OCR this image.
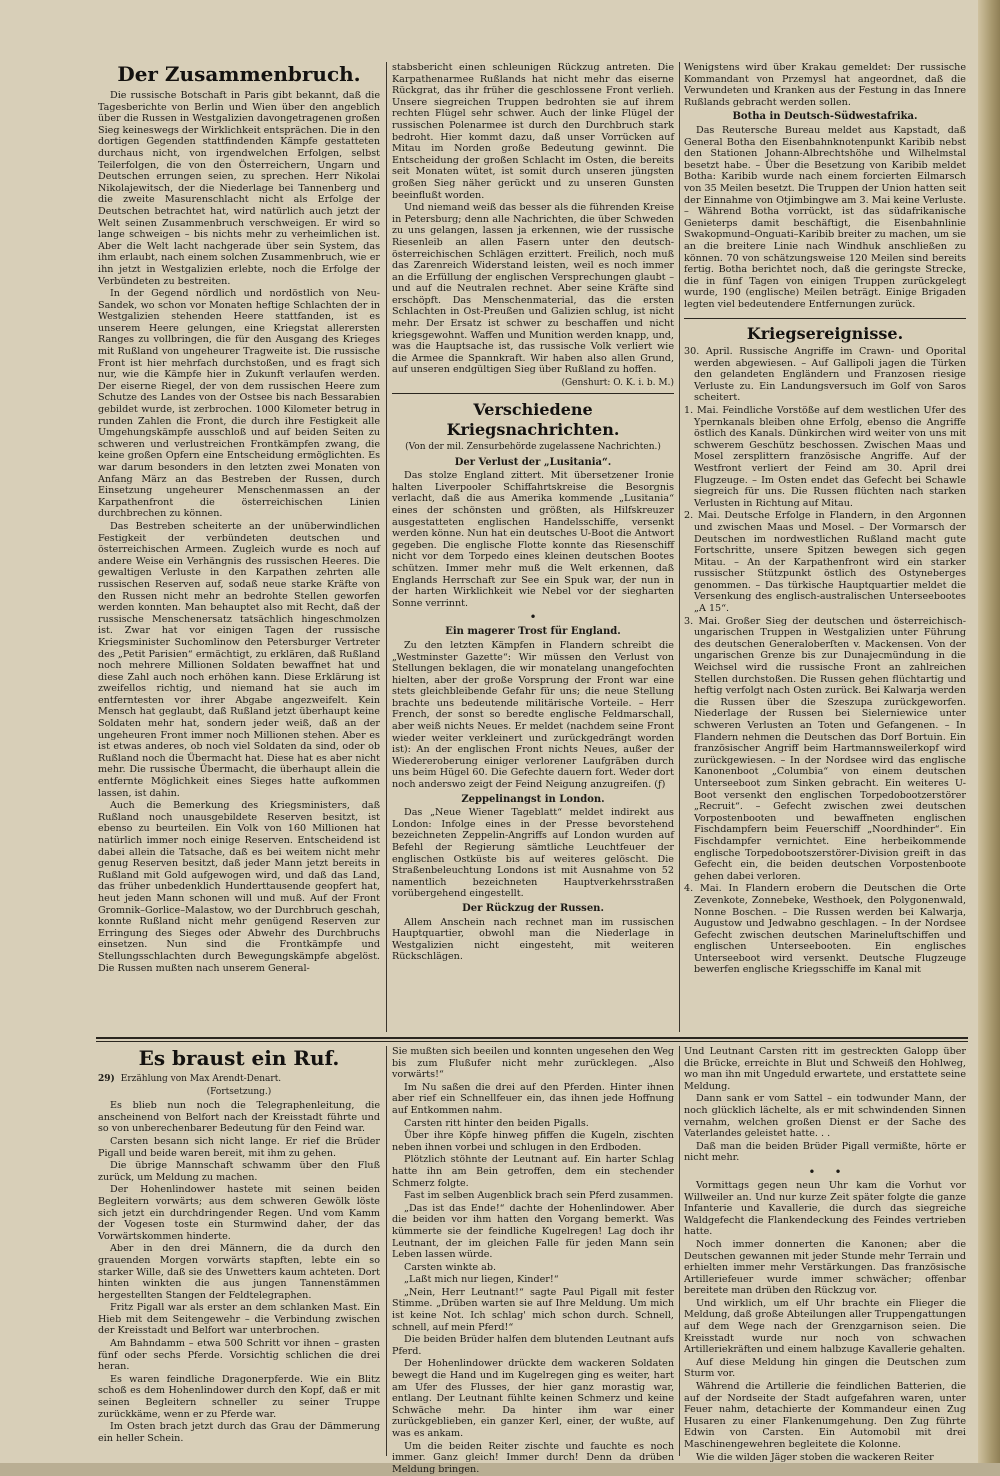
Der Zusammenbruch.

Die russische Botschaft in Paris gibt bekannt, daß die Tagesberichte von Berlin und Wien über den angeblich über die Russen in Westgalizien davongetragenen großen Sieg keineswegs der Wirklichkeit entsprächen. Die in den dortigen Gegenden stattfindenden Kämpfe gestatteten durchaus nicht, von irgendwelchen Erfolgen, selbst Teilerfolgen, die von den Österreichern, Ungarn und Deutschen errungen seien, zu sprechen. Herr Nikolai Nikolajewitsch, der die Niederlage bei Tannenberg und die zweite Masurenschlacht nicht als Erfolge der Deutschen betrachtet hat, wird natürlich auch jetzt der Welt seinen Zusammenbruch verschweigen. Er wird so lange schweigen – bis nichts mehr zu verheimlichen ist. Aber die Welt lacht nachgerade über sein System, das ihm erlaubt, nach einem solchen Zusammenbruch, wie er ihn jetzt in Westgalizien erlebte, noch die Erfolge der Verbündeten zu bestreiten.

In der Gegend nördlich und nordöstlich von Neu-Sandek, wo schon vor Monaten heftige Schlachten der in Westgalizien stehenden Heere stattfanden, ist es unserem Heere gelungen, eine Kriegstat allerersten Ranges zu vollbringen, die für den Ausgang des Krieges mit Rußland von ungeheurer Tragweite ist. Die russische Front ist hier mehrfach durchstoßen, und es fragt sich nur, wie die Kämpfe hier in Zukunft verlaufen werden. Der eiserne Riegel, der von dem russischen Heere zum Schutze des Landes von der Ostsee bis nach Bessarabien gebildet wurde, ist zerbrochen. 1000 Kilometer betrug in runden Zahlen die Front, die durch ihre Festigkeit alle Umgehungskämpfe ausschloß und auf beiden Seiten zu schweren und verlustreichen Frontkämpfen zwang, die keine großen Opfern eine Entscheidung ermöglichten. Es war darum besonders in den letzten zwei Monaten von Anfang März an das Bestreben der Russen, durch Einsetzung ungeheurer Menschenmassen an der Karpathenfront die österreichischen Linien durchbrechen zu können.

Das Bestreben scheiterte an der unüberwindlichen Festigkeit der verbündeten deutschen und österreichischen Armeen. Zugleich wurde es noch auf andere Weise ein Verhängnis des russischen Heeres. Die gewaltigen Verluste in den Karpathen zehrten alle russischen Reserven auf, sodaß neue starke Kräfte von den Russen nicht mehr an bedrohte Stellen geworfen werden konnten. Man behauptet also mit Recht, daß der russische Menschenersatz tatsächlich hingeschmolzen ist. Zwar hat vor einigen Tagen der russische Kriegsminister Suchomlinow den Petersburger Vertreter des „Petit Parisien“ ermächtigt, zu erklären, daß Rußland noch mehrere Millionen Soldaten bewaffnet hat und diese Zahl auch noch erhöhen kann. Diese Erklärung ist zweifellos richtig, und niemand hat sie auch im entferntesten vor ihrer Abgabe angezweifelt. Kein Mensch hat geglaubt, daß Rußland jetzt überhaupt keine Soldaten mehr hat, sondern jeder weiß, daß an der ungeheuren Front immer noch Millionen stehen. Aber es ist etwas anderes, ob noch viel Soldaten da sind, oder ob Rußland noch die Übermacht hat. Diese hat es aber nicht mehr. Die russische Übermacht, die überhaupt allein die entfernte Möglichkeit eines Sieges hatte aufkommen lassen, ist dahin.

Auch die Bemerkung des Kriegsministers, daß Rußland noch unausgebildete Reserven besitzt, ist ebenso zu beurteilen. Ein Volk von 160 Millionen hat natürlich immer noch einige Reserven. Entscheidend ist dabei allein die Tatsache, daß es bei weitem nicht mehr genug Reserven besitzt, daß jeder Mann jetzt bereits in Rußland mit Gold aufgewogen wird, und daß das Land, das früher unbedenklich Hunderttausende geopfert hat, heut jeden Mann schonen will und muß. Auf der Front Gromnik–Gorlice–Malastow, wo der Durchbruch geschah, konnte Rußland nicht mehr genügend Reserven zur Erringung des Sieges oder Abwehr des Durchbruchs einsetzen. Nun sind die Frontkämpfe und Stellungsschlachten durch Bewegungskämpfe abgelöst. Die Russen mußten nach unserem General-

stabsbericht einen schleunigen Rückzug antreten. Die Karpathenarmee Rußlands hat nicht mehr das eiserne Rückgrat, das ihr früher die geschlossene Front verlieh. Unsere siegreichen Truppen bedrohten sie auf ihrem rechten Flügel sehr schwer. Auch der linke Flügel der russischen Polenarmee ist durch den Durchbruch stark bedroht. Hier kommt dazu, daß unser Vorrücken auf Mitau im Norden große Bedeutung gewinnt. Die Entscheidung der großen Schlacht im Osten, die bereits seit Monaten wütet, ist somit durch unseren jüngsten großen Sieg näher gerückt und zu unseren Gunsten beeinflußt worden.

Und niemand weiß das besser als die führenden Kreise in Petersburg; denn alle Nachrichten, die über Schweden zu uns gelangen, lassen ja erkennen, wie der russische Riesenleib an allen Fasern unter den deutsch-österreichischen Schlägen erzittert. Freilich, noch muß das Zarenreich Widerstand leisten, weil es noch immer an die Erfüllung der englischen Versprechungen glaubt – und auf die Neutralen rechnet. Aber seine Kräfte sind erschöpft. Das Menschenmaterial, das die ersten Schlachten in Ost-Preußen und Galizien schlug, ist nicht mehr. Der Ersatz ist schwer zu beschaffen und nicht kriegsgewohnt. Waffen und Munition werden knapp, und, was die Hauptsache ist, das russische Volk verliert wie die Armee die Spannkraft. Wir haben also allen Grund, auf unseren endgültigen Sieg über Rußland zu hoffen.

(Genshurt: O. K. i. b. M.)
Verschiedene Kriegsnachrichten.
(Von der mil. Zensurbehörde zugelassene Nachrichten.)
Der Verlust der „Lusitania“.

Das stolze England zittert. Mit übersetzener Ironie halten Liverpooler Schiffahrtskreise die Besorgnis verlacht, daß die aus Amerika kommende „Lusitania“ eines der schönsten und größten, als Hilfskreuzer ausgestatteten englischen Handelsschiffe, versenkt werden könne. Nun hat ein deutsches U-Boot die Antwort gegeben. Die englische Flotte konnte das Riesenschiff nicht vor dem Torpedo eines kleinen deutschen Bootes schützen. Immer mehr muß die Welt erkennen, daß Englands Herrschaft zur See ein Spuk war, der nun in der harten Wirklichkeit wie Nebel vor der siegharten Sonne verrinnt.

•
Ein magerer Trost für England.

Zu den letzten Kämpfen in Flandern schreibt die „Westminster Gazette“: Wir müssen den Verlust von Stellungen beklagen, die wir monatelang unangefochten hielten, aber der große Vorsprung der Front war eine stets gleichbleibende Gefahr für uns; die neue Stellung brachte uns bedeutende militärische Vorteile. – Herr French, der sonst so beredte englische Feldmarschall, aber weiß nichts Neues. Er meldet (nachdem seine Front wieder weiter verkleinert und zurückgedrängt worden ist): An der englischen Front nichts Neues, außer der Wiedereroberung einiger verlorener Laufgräben durch uns beim Hügel 60. Die Gefechte dauern fort. Weder dort noch anderswo zeigt der Feind Neigung anzugreifen. (ƒ)

Zeppelinangst in London.

Das „Neue Wiener Tageblatt“ meldet indirekt aus London: Infolge eines in der Presse bevorstehend bezeichneten Zeppelin-Angriffs auf London wurden auf Befehl der Regierung sämtliche Leuchtfeuer der englischen Ostküste bis auf weiteres gelöscht. Die Straßenbeleuchtung Londons ist mit Ausnahme von 52 namentlich bezeichneten Hauptverkehrsstraßen vorübergehend eingestellt.

Der Rückzug der Russen.

Allem Anschein nach rechnet man im russischen Hauptquartier, obwohl man die Niederlage in Westgalizien nicht eingesteht, mit weiteren Rückschlägen.

Wenigstens wird über Krakau gemeldet: Der russische Kommandant von Przemysl hat angeordnet, daß die Verwundeten und Kranken aus der Festung in das Innere Rußlands gebracht werden sollen.

Botha in Deutsch-Südwestafrika.

Das Reutersche Bureau meldet aus Kapstadt, daß General Botha den Eisenbahnknotenpunkt Karibib nebst den Stationen Johann-Albrechtshöhe und Wilhelmstal besetzt habe. – Über die Besetzung von Karibib meldet Botha: Karibib wurde nach einem forcierten Eilmarsch von 35 Meilen besetzt. Die Truppen der Union hatten seit der Einnahme von Otjimbingwe am 3. Mai keine Verluste. – Während Botha vorrückt, ist das südafrikanische Genieterps damit beschäftigt, die Eisenbahnlinie Swakopmund–Onguati–Karibib breiter zu machen, um sie an die breitere Linie nach Windhuk anschließen zu können. 70 von schätzungsweise 120 Meilen sind bereits fertig. Botha berichtet noch, daß die geringste Strecke, die in fünf Tagen von einigen Truppen zurückgelegt wurde, 190 (englische) Meilen beträgt. Einige Brigaden legten viel bedeutendere Entfernungen zurück.

Kriegsereignisse.

30. April. Russische Angriffe im Crawn- und Oporital werden abgewiesen. – Auf Gallipoli jagen die Türken den gelandeten Engländern und Franzosen riesige Verluste zu. Ein Landungsversuch im Golf von Saros scheitert.

1. Mai. Feindliche Vorstöße auf dem westlichen Ufer des Ypernkanals bleiben ohne Erfolg, ebenso die Angriffe östlich des Kanals. Dünkirchen wird weiter von uns mit schwerem Geschütz beschossen. Zwischen Maas und Mosel zersplittern französische Angriffe. Auf der Westfront verliert der Feind am 30. April drei Flugzeuge. – Im Osten endet das Gefecht bei Schawle siegreich für uns. Die Russen flüchten nach starken Verlusten in Richtung auf Mitau.

2. Mai. Deutsche Erfolge in Flandern, in den Argonnen und zwischen Maas und Mosel. – Der Vormarsch der Deutschen im nordwestlichen Rußland macht gute Fortschritte, unsere Spitzen bewegen sich gegen Mitau. – An der Karpathenfront wird ein starker russischer Stützpunkt östlich des Ostyneberges genommen. – Das türkische Hauptquartier meldet die Versenkung des englisch-australischen Unterseebootes „A 15“.

3. Mai. Großer Sieg der deutschen und österreichisch-ungarischen Truppen in Westgalizien unter Führung des deutschen Generaloberſten v. Mackensen. Von der ungarischen Grenze bis zur Dunajecmündung in die Weichsel wird die russische Front an zahlreichen Stellen durchstoßen. Die Russen gehen flüchtartig und heftig verfolgt nach Osten zurück. Bei Kalwarja werden die Russen über die Szeszupa zurückgeworfen. Niederlage der Russen bei Sielerniewice unter schweren Verlusten an Toten und Gefangenen. – In Flandern nehmen die Deutschen das Dorf Bortuin. Ein französischer Angriff beim Hartmannsweilerkopf wird zurückgewiesen. – In der Nordsee wird das englische Kanonenboot „Columbia“ von einem deutschen Unterseeboot zum Sinken gebracht. Ein weiteres U-Boot versenkt den englischen Torpedobootzerstörer „Recruit“. – Gefecht zwischen zwei deutschen Vorpostenbooten und bewaffneten englischen Fischdampfern beim Feuerschiff „Noordhinder“. Ein Fischdampfer vernichtet. Eine herbeikommende englische Torpedobootszerstörer-Division greift in das Gefecht ein, die beiden deutschen Vorpostenboote gehen dabei verloren.

4. Mai. In Flandern erobern die Deutschen die Orte Zevenkote, Zonnebeke, Westhoek, den Polygonenwald, Nonne Boschen. – Die Russen werden bei Kalwarja, Augustow und Jedwabno geschlagen. – In der Nordsee Gefecht zwischen deutschen Marineluftschiffen und englischen Unterseebooten. Ein englisches Unterseeboot wird versenkt. Deutsche Flugzeuge bewerfen englische Kriegsschiffe im Kanal mit

Es braust ein Ruf.

29) Erzählung von Max Arendt-Denart.

(Fortsetzung.)

Es blieb nun noch die Telegraphenleitung, die anscheinend von Belfort nach der Kreisstadt führte und so von unberechenbarer Bedeutung für den Feind war.

Carsten besann sich nicht lange. Er rief die Brüder Pigall und beide waren bereit, mit ihm zu gehen.

Die übrige Mannschaft schwamm über den Fluß zurück, um Meldung zu machen.

Der Hohenlindower hastete mit seinen beiden Begleitern vorwärts; aus dem schweren Gewölk löste sich jetzt ein durchdringender Regen. Und vom Kamm der Vogesen toste ein Sturmwind daher, der das Vorwärtskommen hinderte.

Aber in den drei Männern, die da durch den grauenden Morgen vorwärts stapften, lebte ein so starker Wille, daß sie des Unwetters kaum achteten. Dort hinten winkten die aus jungen Tannenstämmen hergestellten Stangen der Feldtelegraphen.

Fritz Pigall war als erster an dem schlanken Mast. Ein Hieb mit dem Seitengewehr – die Verbindung zwischen der Kreisstadt und Belfort war unterbrochen.

Am Bahndamm – etwa 500 Schritt vor ihnen – grasten fünf oder sechs Pferde. Vorsichtig schlichen die drei heran.

Es waren feindliche Dragonerpferde. Wie ein Blitz schoß es dem Hohenlindower durch den Kopf, daß er mit seinen Begleitern schneller zu seiner Truppe zurückkäme, wenn er zu Pferde war.

Im Osten brach jetzt durch das Grau der Dämmerung ein heller Schein.

Sie mußten sich beeilen und konnten ungesehen den Weg bis zum Flußufer nicht mehr zurücklegen. „Also vorwärts!“

Im Nu saßen die drei auf den Pferden. Hinter ihnen aber rief ein Schnellfeuer ein, das ihnen jede Hoffnung auf Entkommen nahm.

Carsten ritt hinter den beiden Pigalls.

Über ihre Köpfe hinweg pfiffen die Kugeln, zischten neben ihnen vorbei und schlugen in den Erdboden.

Plötzlich stöhnte der Leutnant auf. Ein harter Schlag hatte ihn am Bein getroffen, dem ein stechender Schmerz folgte.

Fast im selben Augenblick brach sein Pferd zusammen.

„Das ist das Ende!“ dachte der Hohenlindower. Aber die beiden vor ihm hatten den Vorgang bemerkt. Was kümmerte sie der feindliche Kugelregen! Lag doch ihr Leutnant, der im gleichen Falle für jeden Mann sein Leben lassen würde.

Carsten winkte ab.

„Laßt mich nur liegen, Kinder!“

„Nein, Herr Leutnant!“ sagte Paul Pigall mit fester Stimme. „Drüben warten sie auf Ihre Meldung. Um mich ist keine Not. Ich schlag' mich schon durch. Schnell, schnell, auf mein Pferd!“

Die beiden Brüder halfen dem blutenden Leutnant aufs Pferd.

Der Hohenlindower drückte dem wackeren Soldaten bewegt die Hand und im Kugelregen ging es weiter, hart am Ufer des Flusses, der hier ganz morastig war, entlang. Der Leutnant fühlte keinen Schmerz und keine Schwäche mehr. Da hinter ihm war einer zurückgeblieben, ein ganzer Kerl, einer, der wußte, auf was es ankam.

Um die beiden Reiter zischte und fauchte es noch immer. Ganz gleich! Immer durch! Denn da drüben Meldung bringen.

Und Leutnant Carsten ritt im gestreckten Galopp über die Brücke, erreichte in Blut und Schweiß den Hohlweg, wo man ihn mit Ungeduld erwartete, und erstattete seine Meldung.

Dann sank er vom Sattel – ein todwunder Mann, der noch glücklich lächelte, als er mit schwindenden Sinnen vernahm, welchen großen Dienst er der Sache des Vaterlandes geleistet hatte. . .

Daß man die beiden Brüder Pigall vermißte, hörte er nicht mehr.

•     •

Vormittags gegen neun Uhr kam die Vorhut vor Willweiler an. Und nur kurze Zeit später folgte die ganze Infanterie und Kavallerie, die durch das siegreiche Waldgefecht die Flankendeckung des Feindes vertrieben hatte.

Noch immer donnerten die Kanonen; aber die Deutschen gewannen mit jeder Stunde mehr Terrain und erhielten immer mehr Verstärkungen. Das französische Artilleriefeuer wurde immer schwächer; offenbar bereitete man drüben den Rückzug vor.

Und wirklich, um elf Uhr brachte ein Flieger die Meldung, daß große Abteilungen aller Truppengattungen auf dem Wege nach der Grenzgarnison seien. Die Kreisstadt wurde nur noch von schwachen Artilleriekräften und einem halbzuge Kavallerie gehalten.

Auf diese Meldung hin gingen die Deutschen zum Sturm vor.

Während die Artillerie die feindlichen Batterien, die auf der Nordseite der Stadt aufgefahren waren, unter Feuer nahm, detachierte der Kommandeur einen Zug Husaren zu einer Flankenumgehung. Den Zug führte Edwin von Carsten. Ein Automobil mit drei Maschinengewehren begleitete die Kolonne.

Wie die wilden Jäger stoben die wackeren Reiter
